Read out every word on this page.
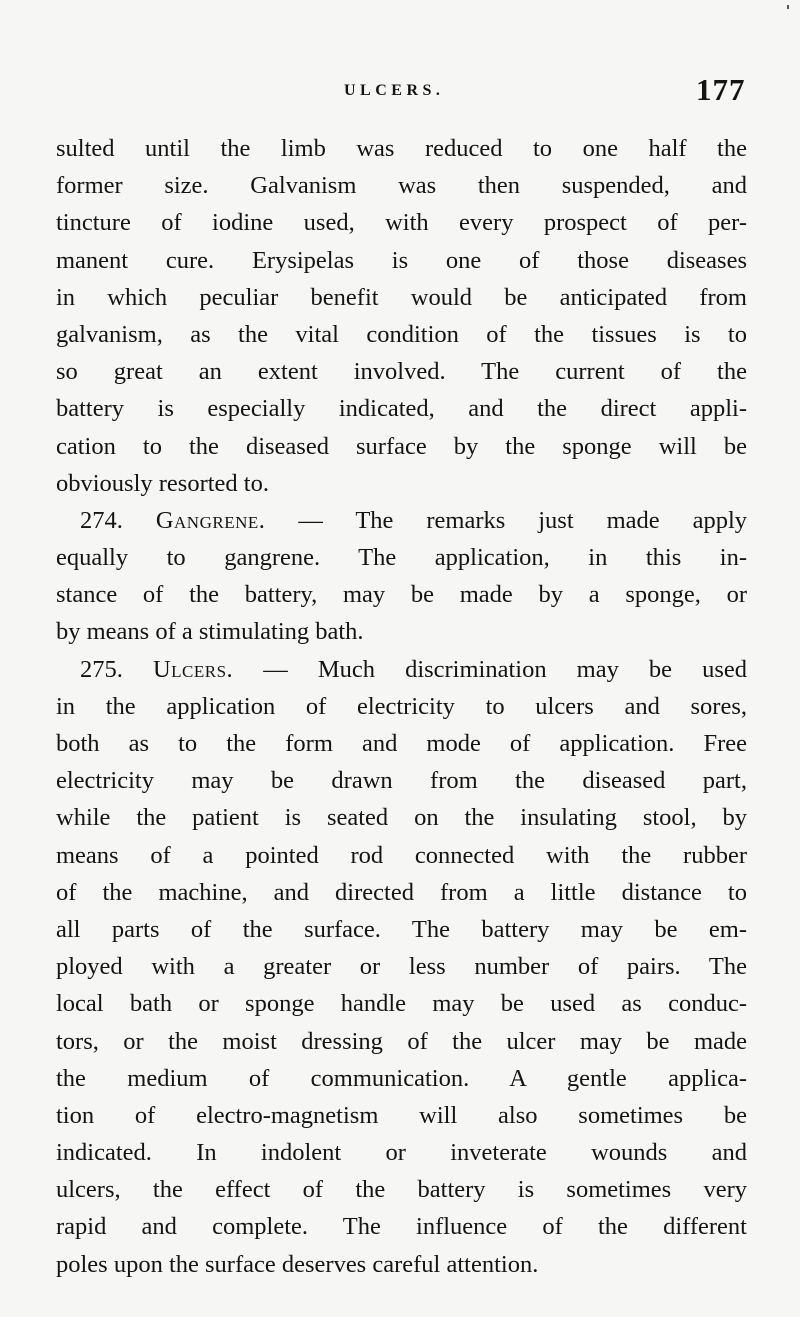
ULCERS.	177
sulted until the limb was reduced to one half the
former size. Galvanism was then suspended, and
tincture of iodine used, with every prospect of per-
manent cure. Erysipelas is one of those diseases
in which peculiar benefit would be anticipated from
galvanism, as the vital condition of the tissues is to
so great an extent involved. The current of the
battery is especially indicated, and the direct appli-
cation to the diseased surface by the sponge will be
obviously resorted to.
274. Gangrene. — The remarks just made apply
equally to gangrene. The application, in this in-
stance of the battery, may be made by a sponge, or
by means of a stimulating bath.
275. Ulcers. — Much discrimination may be used
in the application of electricity to ulcers and sores,
both as to the form and mode of application. Free
electricity may be drawn from the diseased part,
while the patient is seated on the insulating stool, by
means of a pointed rod connected with the rubber
of the machine, and directed from a little distance to
all parts of the surface. The battery may be em-
ployed with a greater or less number of pairs. The
local bath or sponge handle may be used as conduc-
tors, or the moist dressing of the ulcer may be made
the medium of communication. A gentle applica-
tion of electro-magnetism will also sometimes be
indicated. In indolent or inveterate wounds and
ulcers, the effect of the battery is sometimes very
rapid and complete. The influence of the different
poles upon the surface deserves careful attention.
